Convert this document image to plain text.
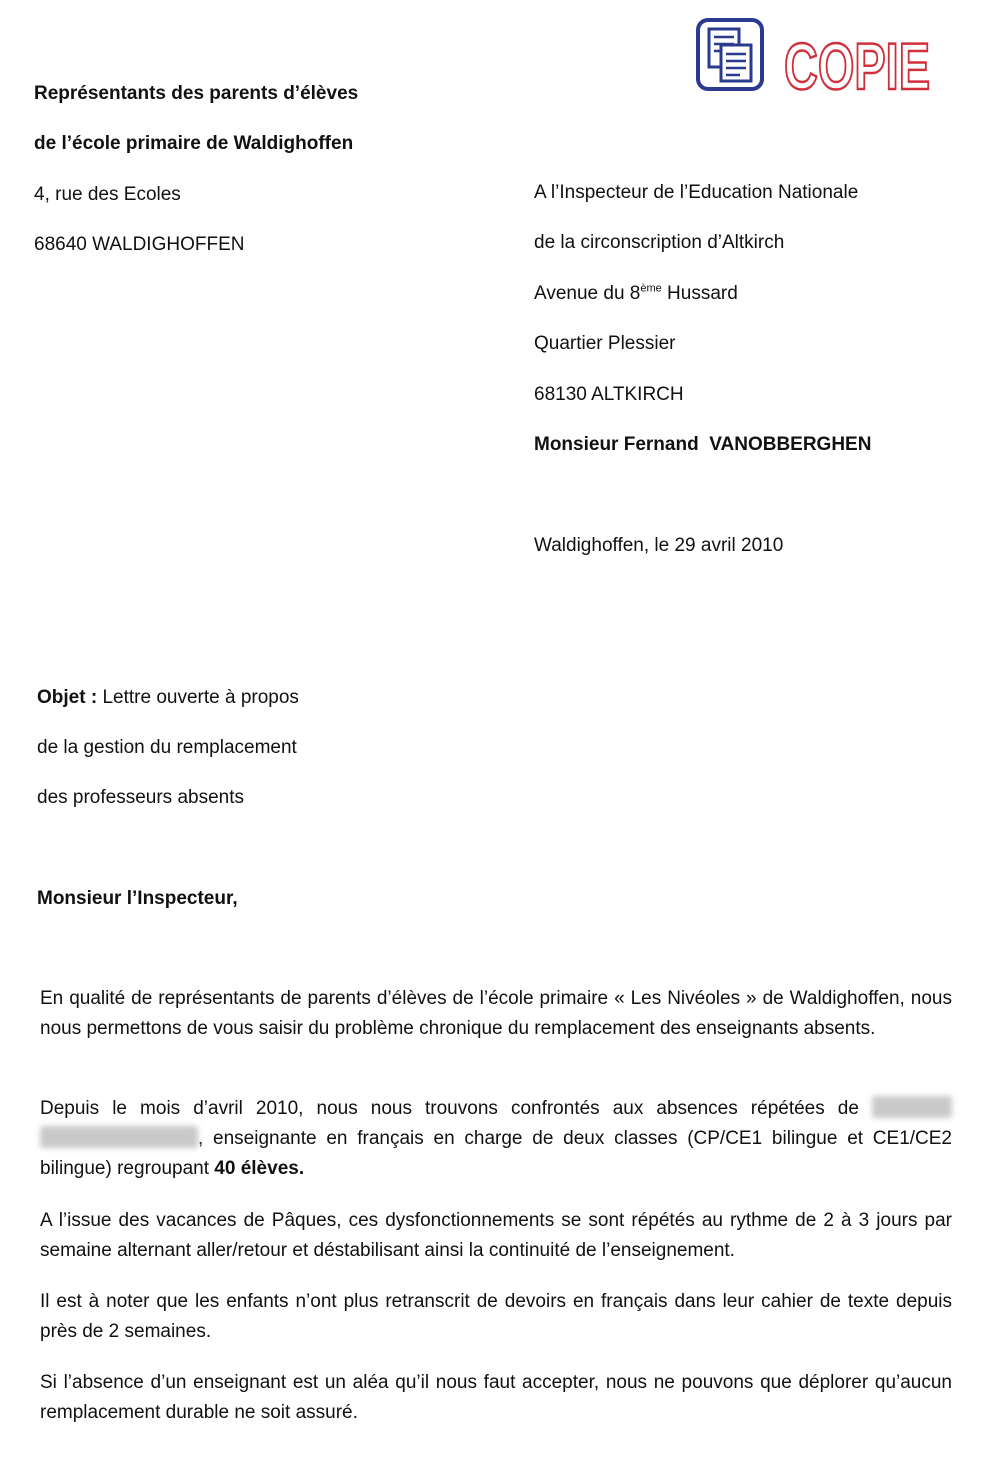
COPIE
Représentants des parents d’élèves
de l’école primaire de Waldighoffen
4, rue des Ecoles
68640 WALDIGHOFFEN
A l’Inspecteur de l’Education Nationale
de la circonscription d’Altkirch
Avenue du 8ème Hussard
Quartier Plessier
68130 ALTKIRCH
Monsieur Fernand  VANOBBERGHEN
Waldighoffen, le 29 avril 2010
Objet : Lettre ouverte à propos
de la gestion du remplacement
des professeurs absents
Monsieur l’Inspecteur,
En qualité de représentants de parents d’élèves de l’école primaire « Les Nivéoles » de Waldighoffen, nous nous permettons de vous saisir du problème chronique du remplacement des enseignants absents.
Depuis le mois d’avril 2010, nous nous trouvons confrontés aux absences répétées de  , enseignante en français en charge de deux classes (CP/CE1 bilingue et CE1/CE2 bilingue) regroupant 40 élèves.
A l’issue des vacances de Pâques, ces dysfonctionnements se sont répétés au rythme de 2 à 3 jours par semaine alternant aller/retour et déstabilisant ainsi la continuité de l’enseignement.
Il est à noter que les enfants n’ont plus retranscrit de devoirs en français dans leur cahier de texte depuis près de 2 semaines.
Si l’absence d’un enseignant est un aléa qu’il nous faut accepter, nous ne pouvons que déplorer qu’aucun remplacement durable ne soit assuré.
